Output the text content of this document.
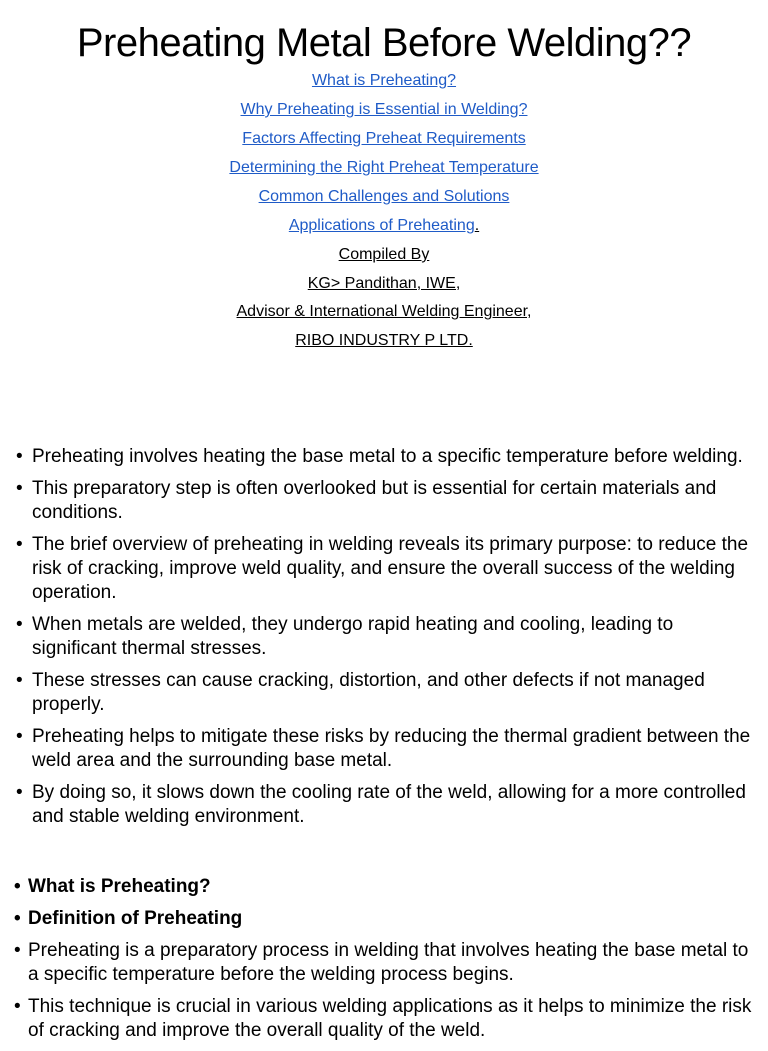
Preheating Metal Before Welding??
What is Preheating?
Why Preheating is Essential in Welding?
Factors Affecting Preheat Requirements
Determining the Right Preheat Temperature
Common Challenges and Solutions
Applications of Preheating.
Compiled By
KG> Pandithan, IWE,
Advisor & International Welding Engineer,
RIBO INDUSTRY P LTD.
• Preheating involves heating the base metal to a specific temperature before welding.
• This preparatory step is often overlooked but is essential for certain materials and conditions.
• The brief overview of preheating in welding reveals its primary purpose: to reduce the risk of cracking, improve weld quality, and ensure the overall success of the welding operation.
• When metals are welded, they undergo rapid heating and cooling, leading to significant thermal stresses.
• These stresses can cause cracking, distortion, and other defects if not managed properly.
• Preheating helps to mitigate these risks by reducing the thermal gradient between the weld area and the surrounding base metal.
• By doing so, it slows down the cooling rate of the weld, allowing for a more controlled and stable welding environment.
• What is Preheating?
• Definition of Preheating
• Preheating is a preparatory process in welding that involves heating the base metal to a specific temperature before the welding process begins.
• This technique is crucial in various welding applications as it helps to minimize the risk of cracking and improve the overall quality of the weld.
